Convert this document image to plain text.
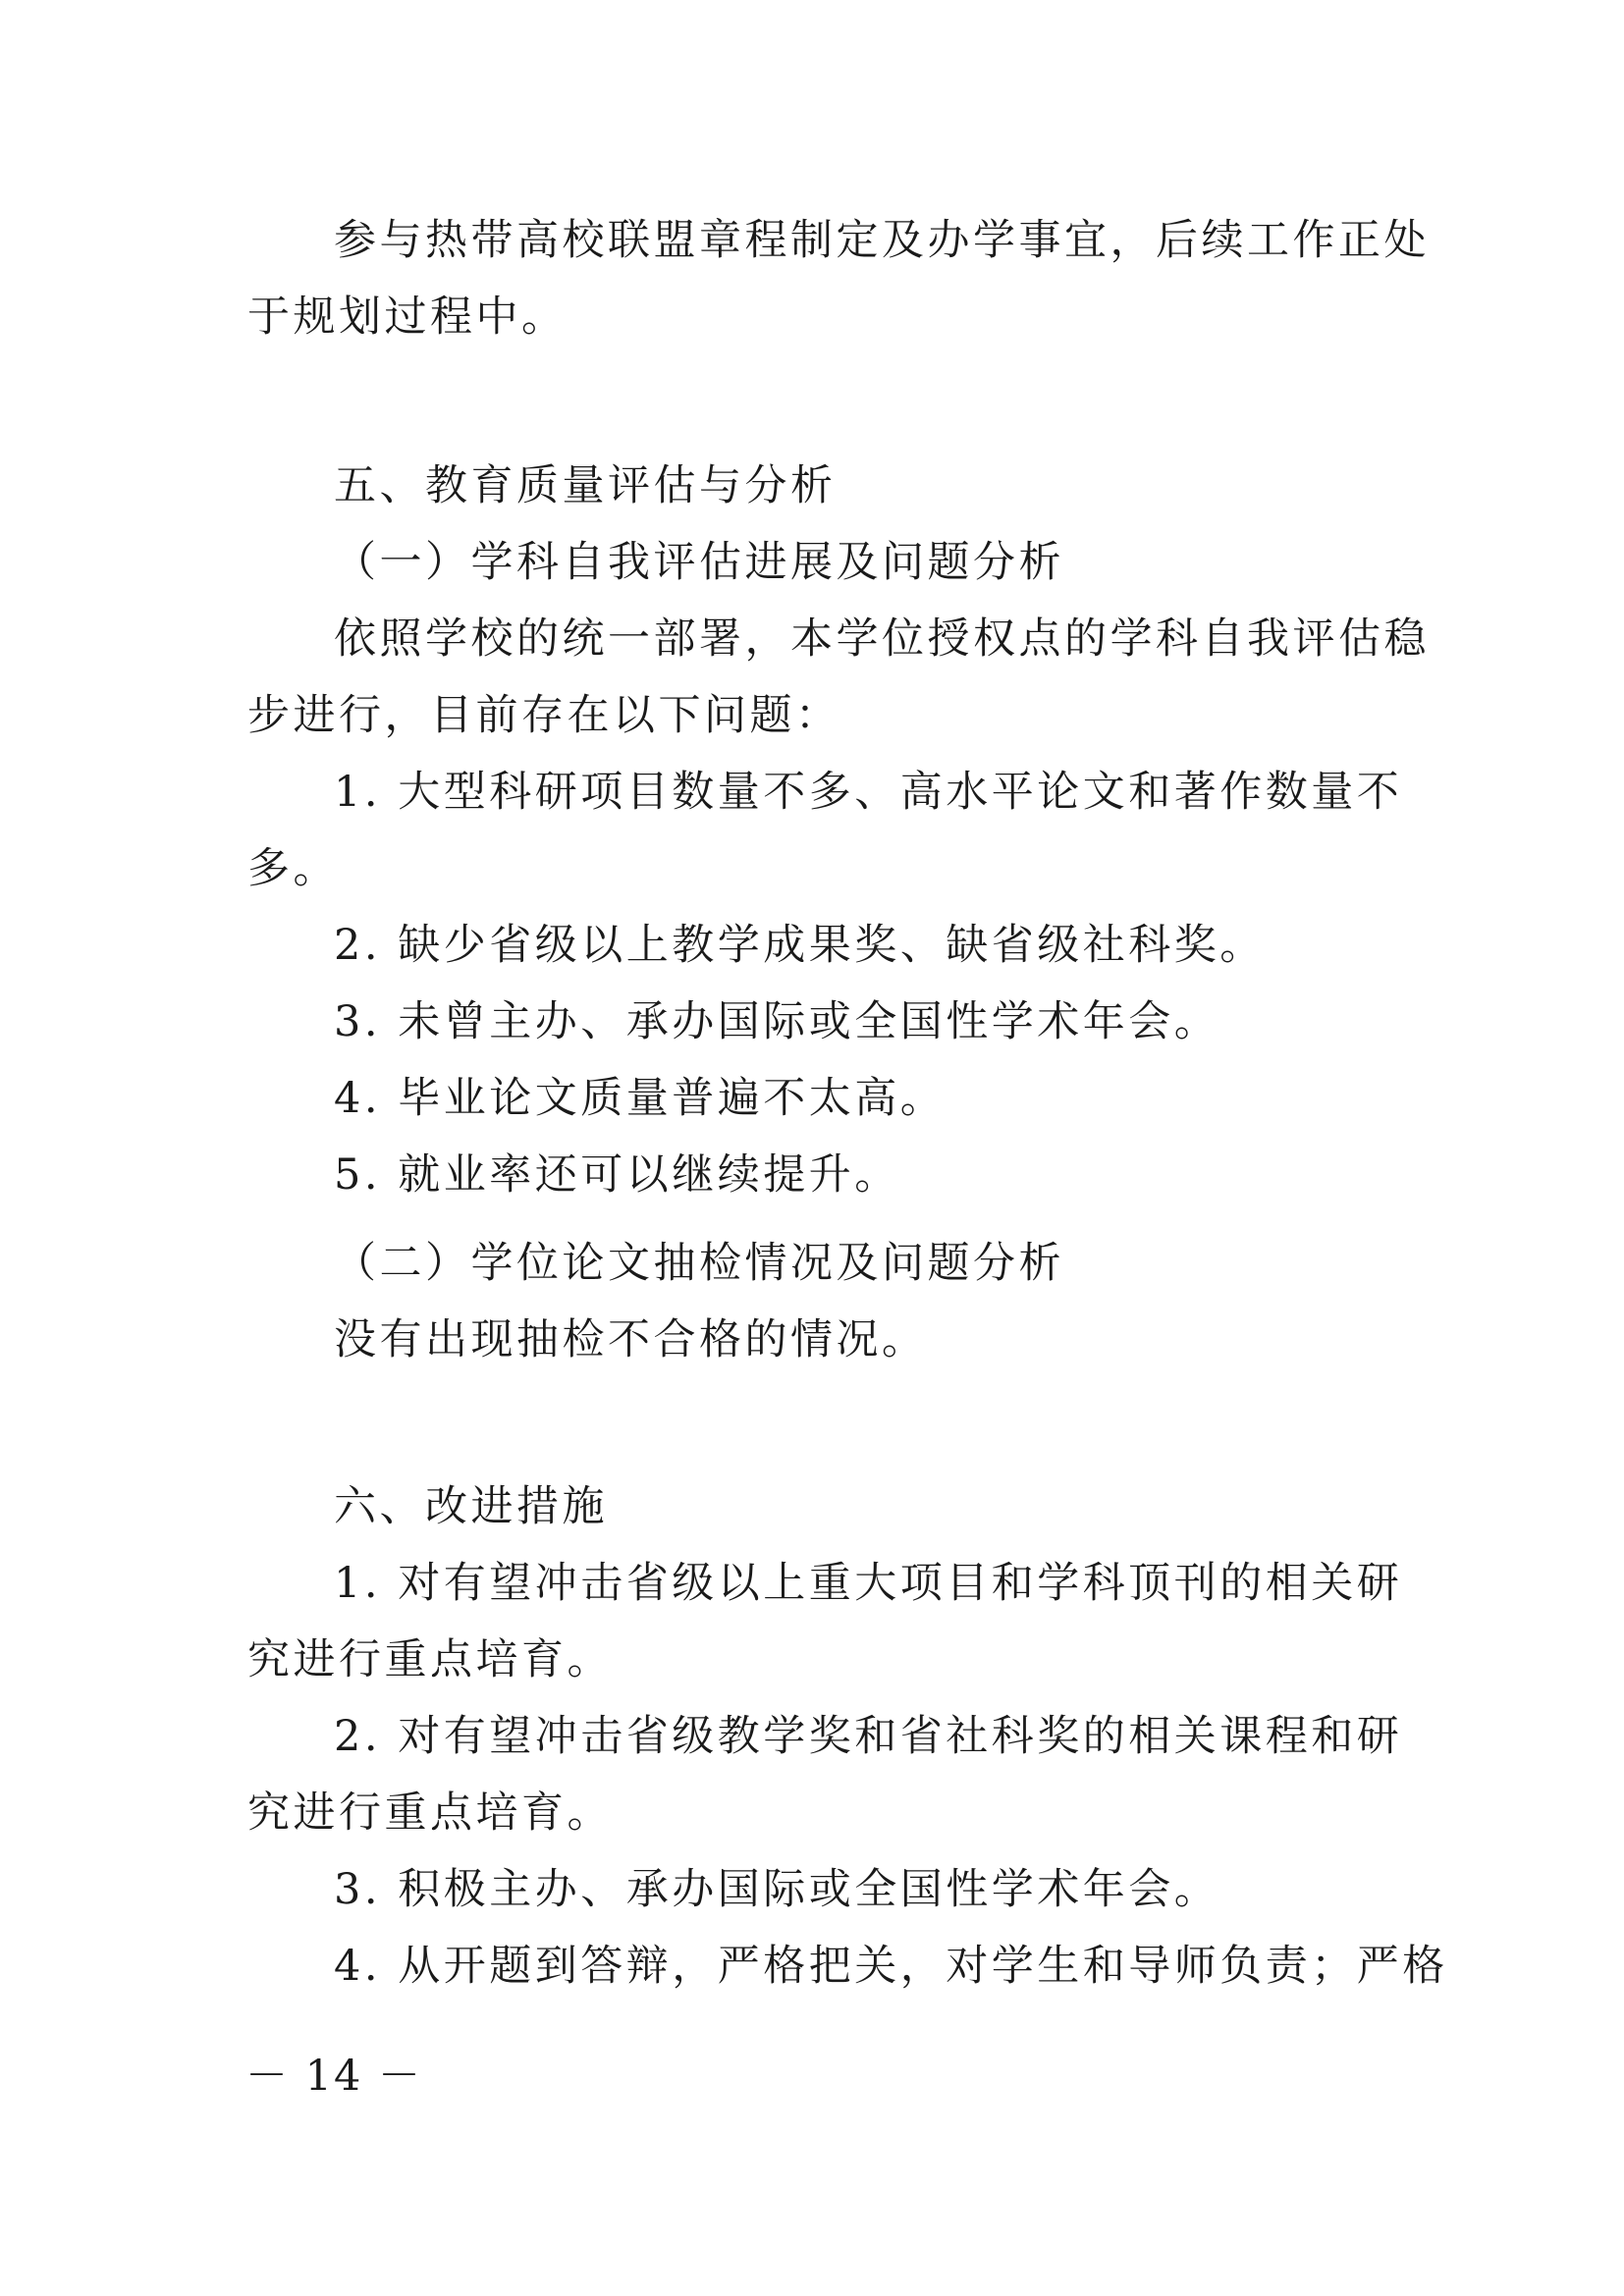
参与热带高校联盟章程制定及办学事宜，后续工作正处
于规划过程中。
五、教育质量评估与分析
（一）学科自我评估进展及问题分析
依照学校的统一部署，本学位授权点的学科自我评估稳
步进行，目前存在以下问题：
1. 大型科研项目数量不多、高水平论文和著作数量不
多。
2. 缺少省级以上教学成果奖、缺省级社科奖。
3. 未曾主办、承办国际或全国性学术年会。
4. 毕业论文质量普遍不太高。
5. 就业率还可以继续提升。
（二）学位论文抽检情况及问题分析
没有出现抽检不合格的情况。
六、改进措施
1. 对有望冲击省级以上重大项目和学科顶刊的相关研
究进行重点培育。
2. 对有望冲击省级教学奖和省社科奖的相关课程和研
究进行重点培育。
3. 积极主办、承办国际或全国性学术年会。
4. 从开题到答辩，严格把关，对学生和导师负责；严格
－ 14 －
